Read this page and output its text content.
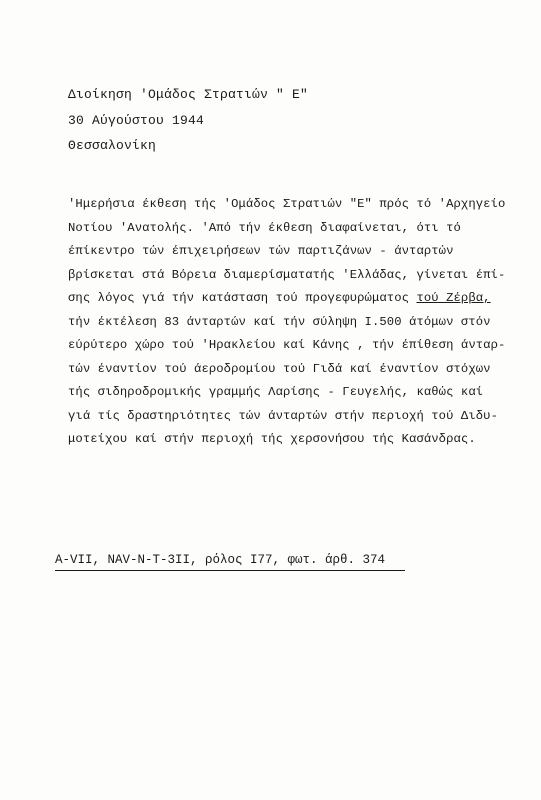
Διοίκηση 'Ομάδος Στρατιών " Ε"
30 Αύγούστου 1944
Θεσσαλονίκη
'Ημερήσια έκθεση τής 'Ομάδος Στρατιών "Ε" πρός τό 'Αρχηγείο
Νοτίου 'Ανατολής. 'Από τήν έκθεση διαφαίνεται, ότι τό
έπίκεντρο τών έπιχειρήσεων τών παρτιζάνων - άνταρτών
βρίσκεται στά Βόρεια διαμερίσματατής 'Ελλάδας, γίνεται έπί-
σης λόγος γιά τήν κατάσταση τού προγεφυρώματος τού Ζέρβα,
τήν έκτέλεση 83 άνταρτών καί τήν σύληψη Ι.500 άτόμων στόν
εύρύτερο χώρο τού 'Ηρακλείου καί Κάνης , τήν έπίθεση άνταρ-
τών έναντίον τού άεροδρομίου τού Γιδά καί έναντίον στόχων
τής σιδηροδρομικής γραμμής Λαρίσης - Γευγελής, καθώς καί
γιά τίς δραστηριότητες τών άνταρτών στήν περιοχή τού Διδυ-
μοτείχου καί στήν περιοχή τής χερσονήσου τής Κασάνδρας.
A-VII, NAV-N-T-3II, ρόλος I77, φωτ. άρθ. 374
